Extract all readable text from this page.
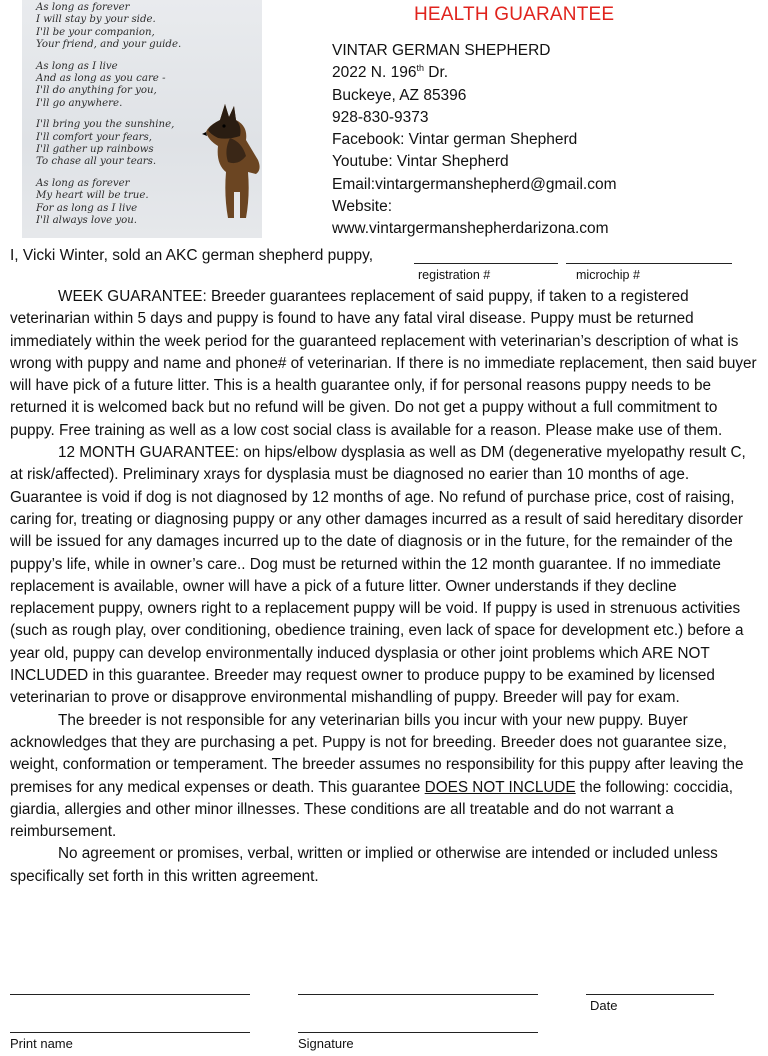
As long as forever
I will stay by your side.
I'll be your companion,
Your friend, and your guide.
As long as I live
And as long as you care -
I'll do anything for you,
I'll go anywhere.
I'll bring you the sunshine,
I'll comfort your fears,
I'll gather up rainbows
To chase all your tears.
As long as forever
My heart will be true.
For as long as I live
I'll always love you.
HEALTH GUARANTEE
VINTAR GERMAN SHEPHERD
2022 N. 196th Dr.
Buckeye, AZ 85396
928-830-9373
Facebook: Vintar german Shepherd
Youtube: Vintar Shepherd
Email:vintargermanshepherd@gmail.com
Website:
www.vintargermanshepherdarizona.com
I, Vicki Winter, sold an AKC german shepherd puppy,
registration #	microchip #

WEEK GUARANTEE: Breeder guarantees replacement of said puppy, if taken to a registered veterinarian within 5 days and puppy is found to have any fatal viral disease. Puppy must be returned immediately within the week period for the guaranteed replacement with veterinarian’s description of what is wrong with puppy and name and phone# of veterinarian. If there is no immediate replacement, then said buyer will have pick of a future litter. This is a health guarantee only, if for personal reasons puppy needs to be returned it is welcomed back but no refund will be given. Do not get a puppy without a full commitment to puppy. Free training as well as a low cost social class is available for a reason. Please make use of them.

12 MONTH GUARANTEE: on hips/elbow dysplasia as well as DM (degenerative myelopathy result C, at risk/affected). Preliminary xrays for dysplasia must be diagnosed no earier than 10 months of age. Guarantee is void if dog is not diagnosed by 12 months of age. No refund of purchase price, cost of raising, caring for, treating or diagnosing puppy or any other damages incurred as a result of said hereditary disorder will be issued for any damages incurred up to the date of diagnosis or in the future, for the remainder of the puppy’s life, while in owner’s care.. Dog must be returned within the 12 month guarantee. If no immediate replacement is available, owner will have a pick of a future litter. Owner understands if they decline replacement puppy, owners right to a replacement puppy will be void. If puppy is used in strenuous activities (such as rough play, over conditioning, obedience training, even lack of space for development etc.) before a year old, puppy can develop environmentally induced dysplasia or other joint problems which ARE NOT INCLUDED in this guarantee. Breeder may request owner to produce puppy to be examined by licensed veterinarian to prove or disapprove environmental mishandling of puppy. Breeder will pay for exam.

The breeder is not responsible for any veterinarian bills you incur with your new puppy. Buyer acknowledges that they are purchasing a pet. Puppy is not for breeding. Breeder does not guarantee size, weight, conformation or temperament. The breeder assumes no responsibility for this puppy after leaving the premises for any medical expenses or death. This guarantee DOES NOT INCLUDE the following: coccidia, giardia, allergies and other minor illnesses. These conditions are all treatable and do not warrant a reimbursement.

No agreement or promises, verbal, written or implied or otherwise are intended or included unless specifically set forth in this written agreement.

Date
Print name	Signature
